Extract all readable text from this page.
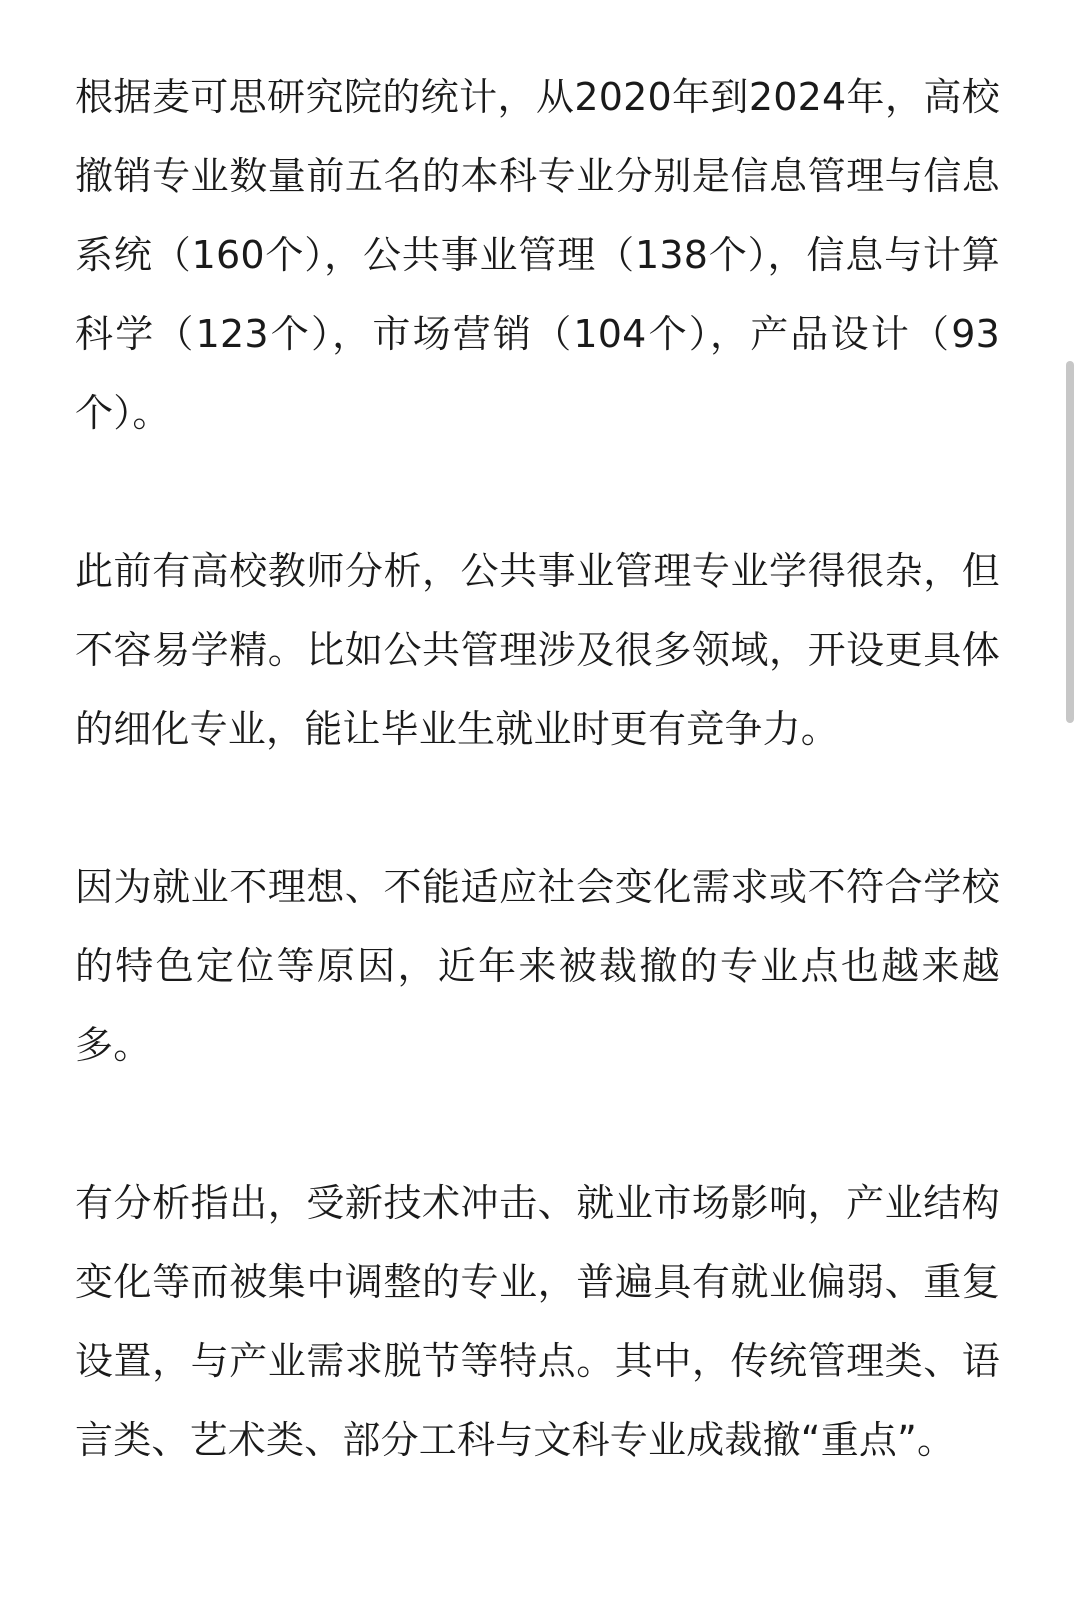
根据麦可思研究院的统计，从2020年到2024年，高校撤销专业数量前五名的本科专业分别是信息管理与信息系统（160个），公共事业管理（138个），信息与计算科学（123个），市场营销（104个），产品设计（93个）。

此前有高校教师分析，公共事业管理专业学得很杂，但不容易学精。比如公共管理涉及很多领域，开设更具体的细化专业，能让毕业生就业时更有竞争力。

因为就业不理想、不能适应社会变化需求或不符合学校的特色定位等原因，近年来被裁撤的专业点也越来越多。

有分析指出，受新技术冲击、就业市场影响，产业结构变化等而被集中调整的专业，普遍具有就业偏弱、重复设置，与产业需求脱节等特点。其中，传统管理类、语言类、艺术类、部分工科与文科专业成裁撤“重点”。
